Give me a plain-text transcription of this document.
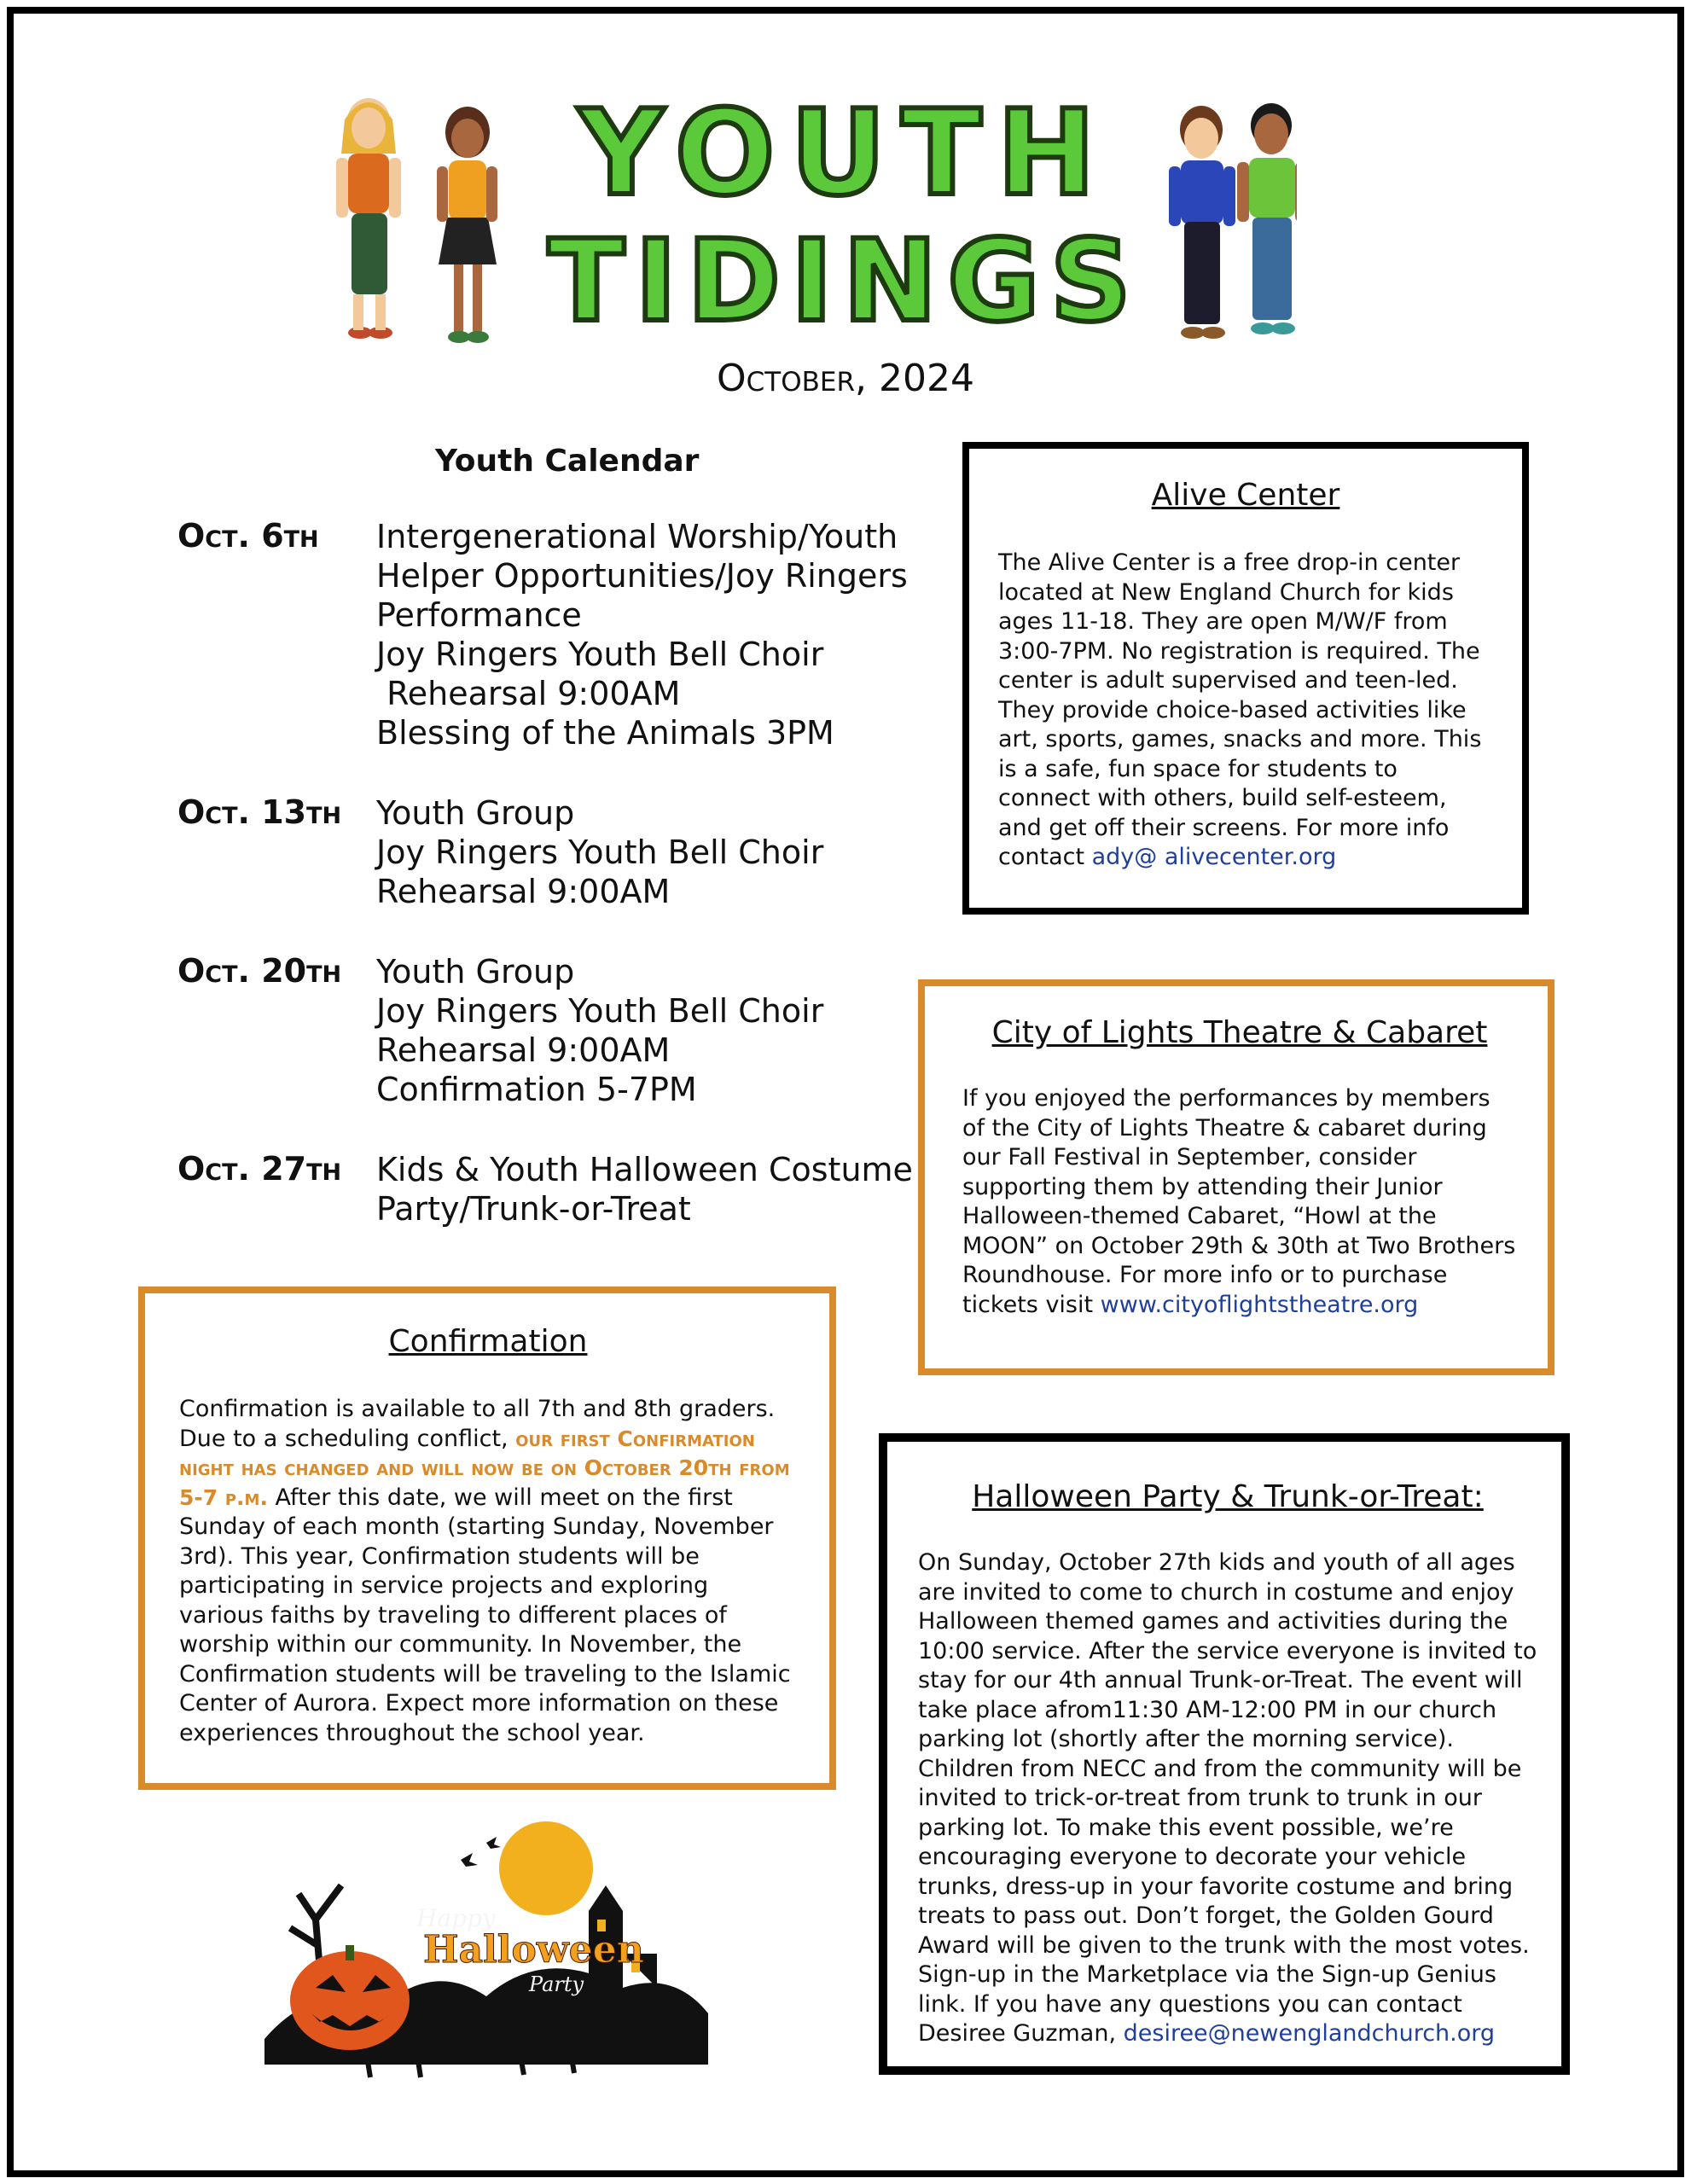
YOUTH
TIDINGS
October, 2024
Youth Calendar
Oct. 6th Intergenerational Worship/Youth Helper Opportunities/Joy Ringers Performance
Joy Ringers Youth Bell Choir
Rehearsal 9:00AM
Blessing of the Animals 3PM
Oct. 13th Youth Group
Joy Ringers Youth Bell Choir
Rehearsal 9:00AM
Oct. 20th Youth Group
Joy Ringers Youth Bell Choir
Rehearsal 9:00AM
Confirmation 5-7PM
Oct. 27th Kids & Youth Halloween Costume Party/Trunk-or-Treat
Alive Center
The Alive Center is a free drop-in center located at New England Church for kids ages 11-18. They are open M/W/F from 3:00-7PM. No registration is required. The center is adult supervised and teen-led. They provide choice-based activities like art, sports, games, snacks and more. This is a safe, fun space for students to connect with others, build self-esteem, and get off their screens. For more info contact ady@ alivecenter.org
City of Lights Theatre & Cabaret
If you enjoyed the performances by members of the City of Lights Theatre & cabaret during our Fall Festival in September, consider supporting them by attending their Junior Halloween-themed Cabaret, “Howl at the MOON” on October 29th & 30th at Two Brothers Roundhouse. For more info or to purchase tickets visit www.cityoflightstheatre.org
Confirmation
Confirmation is available to all 7th and 8th graders. Due to a scheduling conflict, our first Confirmation night has changed and will now be on October 20th from 5-7 p.m. After this date, we will meet on the first Sunday of each month (starting Sunday, November 3rd). This year, Confirmation students will be participating in service projects and exploring various faiths by traveling to different places of worship within our community. In November, the Confirmation students will be traveling to the Islamic Center of Aurora. Expect more information on these experiences throughout the school year.
Halloween Party & Trunk-or-Treat:
On Sunday, October 27th kids and youth of all ages are invited to come to church in costume and enjoy Halloween themed games and activities during the 10:00 service. After the service everyone is invited to stay for our 4th annual Trunk-or-Treat. The event will take place afrom11:30 AM-12:00 PM in our church parking lot (shortly after the morning service). Children from NECC and from the community will be invited to trick-or-treat from trunk to trunk in our parking lot. To make this event possible, we’re encouraging everyone to decorate your vehicle trunks, dress-up in your favorite costume and bring treats to pass out. Don’t forget, the Golden Gourd Award will be given to the trunk with the most votes. Sign-up in the Marketplace via the Sign-up Genius link. If you have any questions you can contact Desiree Guzman, desiree@newenglandchurch.org
Happy
Halloween
Party
